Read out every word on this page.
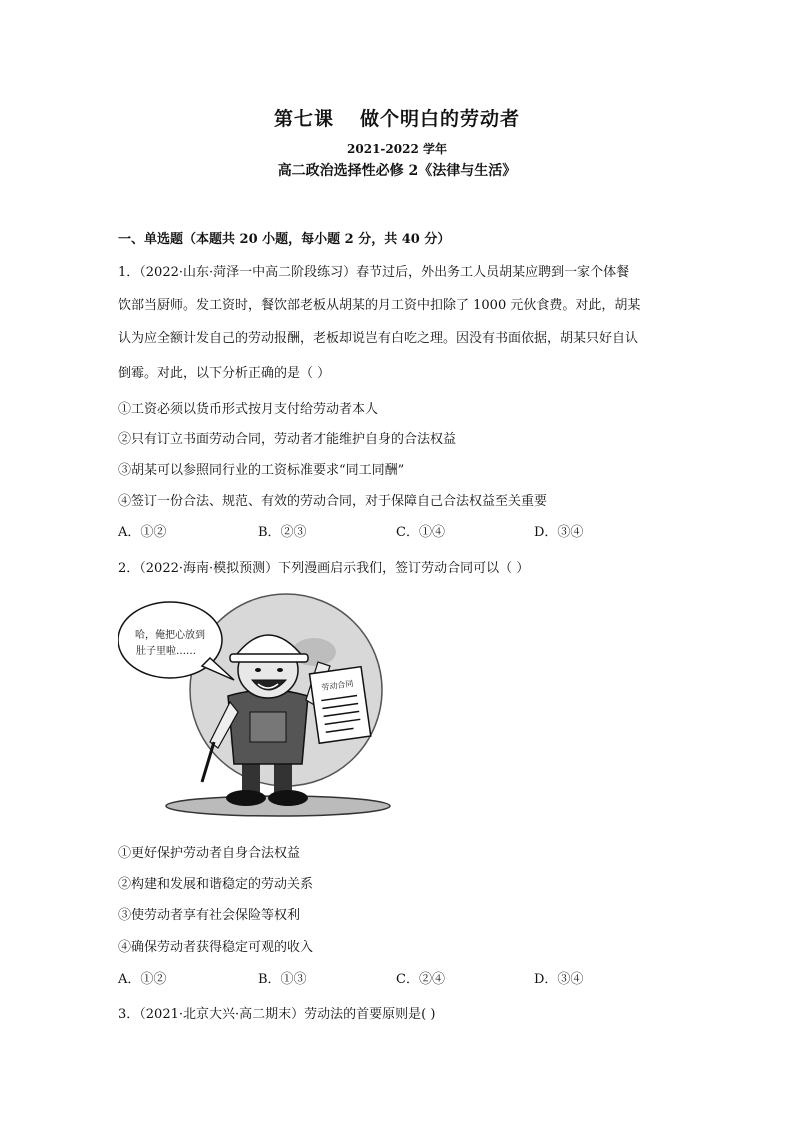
第七课 做个明白的劳动者
2021-2022 学年
高二政治选择性必修 2《法律与生活》
一、单选题（本题共 20 小题，每小题 2 分，共 40 分）
1．（2022·山东·菏泽一中高二阶段练习）春节过后，外出务工人员胡某应聘到一家个体餐
饮部当厨师。发工资时，餐饮部老板从胡某的月工资中扣除了 1000 元伙食费。对此，胡某
认为应全额计发自己的劳动报酬，老板却说岂有白吃之理。因没有书面依据，胡某只好自认
倒霉。对此，以下分析正确的是（ ）
①工资必须以货币形式按月支付给劳动者本人
②只有订立书面劳动合同，劳动者才能维护自身的合法权益
③胡某可以参照同行业的工资标准要求“同工同酬”
④签订一份合法、规范、有效的劳动合同，对于保障自己合法权益至关重要
A．①②	B．②③	C．①④	D．③④
2．（2022·海南·模拟预测）下列漫画启示我们，签订劳动合同可以（ ）
哈，俺把心放到
肚子里啦……
劳动合同
①更好保护劳动者自身合法权益
②构建和发展和谐稳定的劳动关系
③使劳动者享有社会保险等权利
④确保劳动者获得稳定可观的收入
A．①②	B．①③	C．②④	D．③④
3．（2021·北京大兴·高二期末）劳动法的首要原则是( )
